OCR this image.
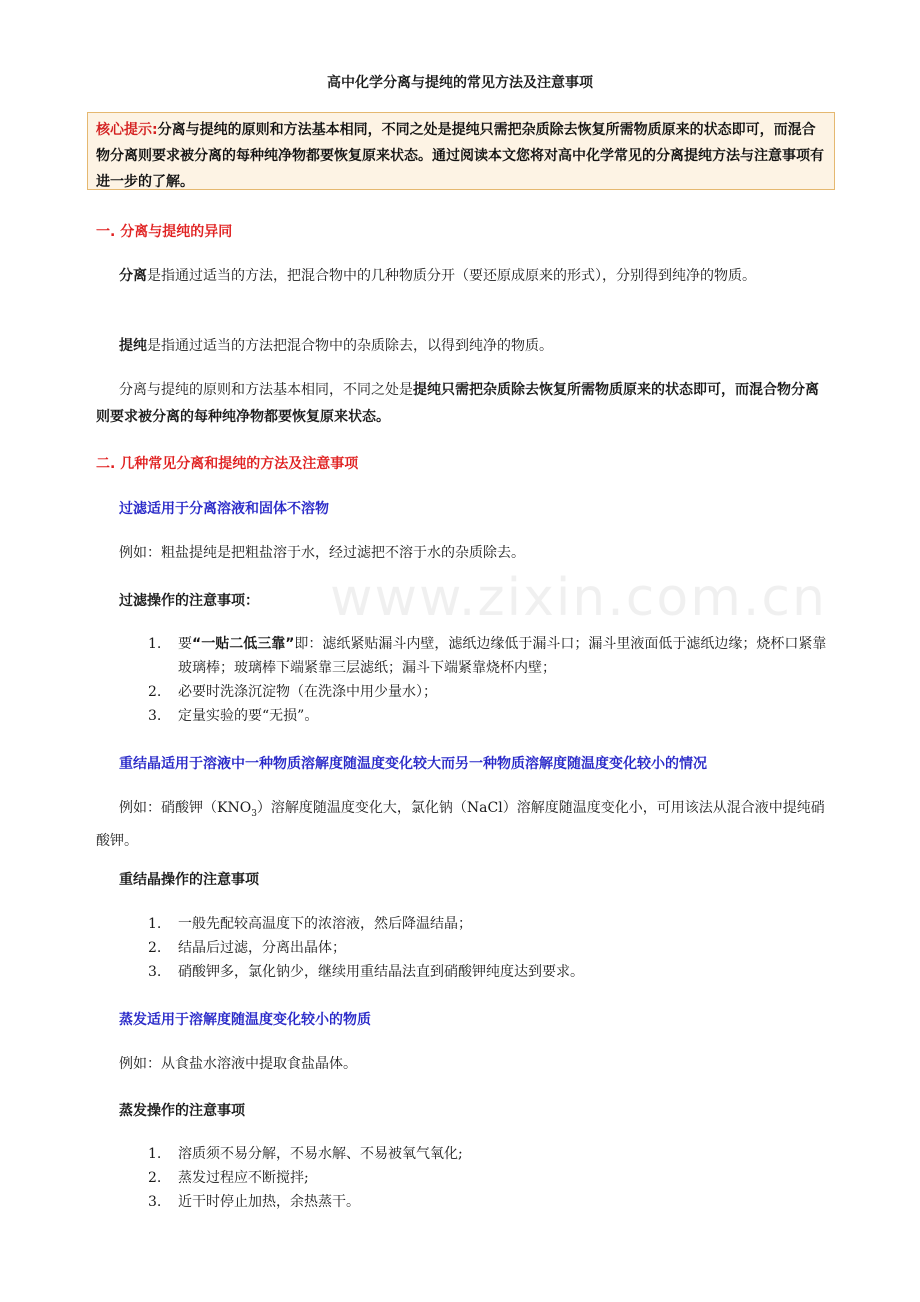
www.zixin.com.cn
高中化学分离与提纯的常见方法及注意事项
核心提示:分离与提纯的原则和方法基本相同，不同之处是提纯只需把杂质除去恢复所需物质原来的状态即可，而混合物分离则要求被分离的每种纯净物都要恢复原来状态。通过阅读本文您将对高中化学常见的分离提纯方法与注意事项有进一步的了解。
一. 分离与提纯的异同
分离是指通过适当的方法，把混合物中的几种物质分开（要还原成原来的形式），分别得到纯净的物质。
提纯是指通过适当的方法把混合物中的杂质除去，以得到纯净的物质。
分离与提纯的原则和方法基本相同，不同之处是提纯只需把杂质除去恢复所需物质原来的状态即可，而混合物分离则要求被分离的每种纯净物都要恢复原来状态。
二. 几种常见分离和提纯的方法及注意事项
过滤适用于分离溶液和固体不溶物
例如：粗盐提纯是把粗盐溶于水，经过滤把不溶于水的杂质除去。
过滤操作的注意事项：
1.	要“一贴二低三靠”即：滤纸紧贴漏斗内壁，滤纸边缘低于漏斗口；漏斗里液面低于滤纸边缘；烧杯口紧靠玻璃棒；玻璃棒下端紧靠三层滤纸；漏斗下端紧靠烧杯内壁；
2.	必要时洗涤沉淀物（在洗涤中用少量水）；
3.	定量实验的要“无损”。
重结晶适用于溶液中一种物质溶解度随温度变化较大而另一种物质溶解度随温度变化较小的情况
例如：硝酸钾$(KNO_3)$溶解度随温度变化大，氯化钠（NaCl）溶解度随温度变化小，可用该法从混合液中提纯硝酸钾。
重结晶操作的注意事项
1.	一般先配较高温度下的浓溶液，然后降温结晶；
2.	结晶后过滤，分离出晶体；
3.	硝酸钾多，氯化钠少，继续用重结晶法直到硝酸钾纯度达到要求。
蒸发适用于溶解度随温度变化较小的物质
例如：从食盐水溶液中提取食盐晶体。
蒸发操作的注意事项
1.	溶质须不易分解，不易水解、不易被氧气氧化;
2.	蒸发过程应不断搅拌;
3.	近干时停止加热，余热蒸干。
